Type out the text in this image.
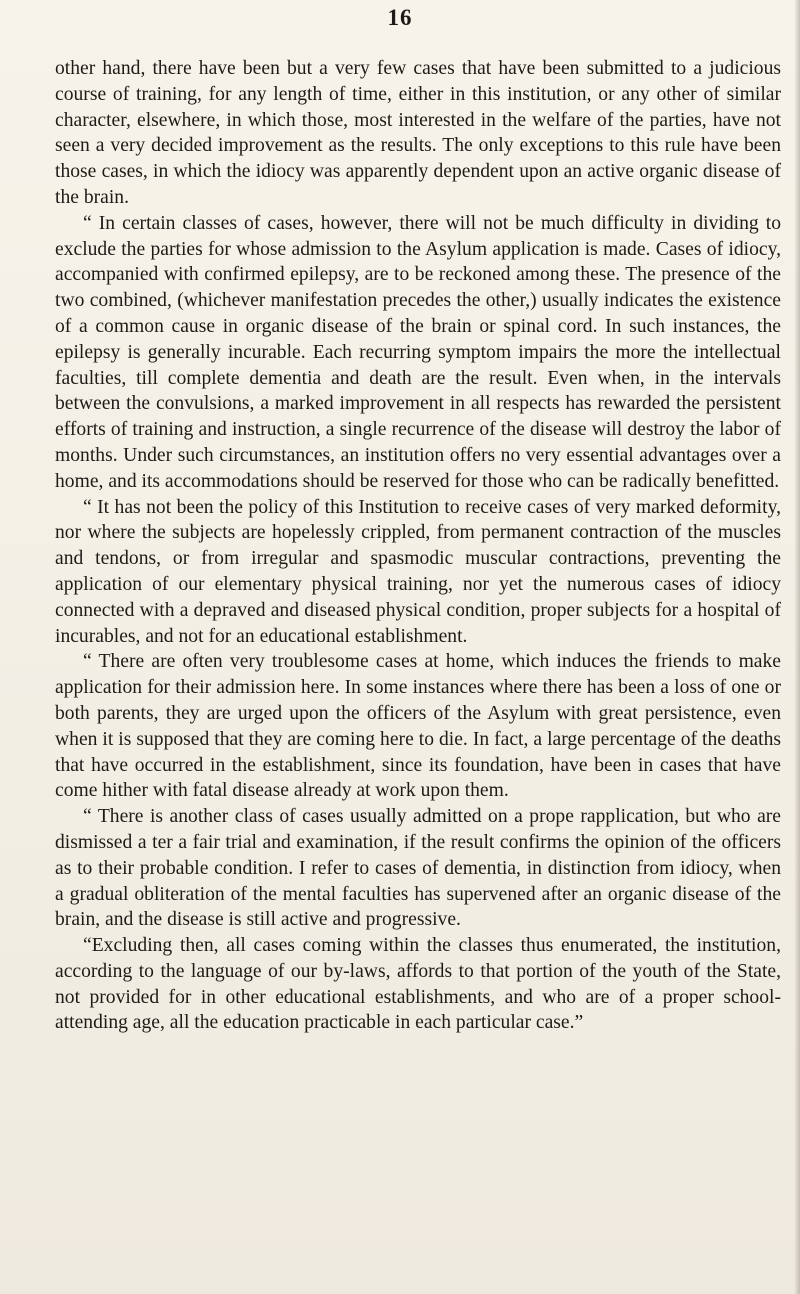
16

other hand, there have been but a very few cases that have been submitted to a judicious course of training, for any length of time, either in this institution, or any other of similar character, elsewhere, in which those, most interested in the welfare of the parties, have not seen a very decided improvement as the results. The only exceptions to this rule have been those cases, in which the idiocy was apparently dependent upon an active organic disease of the brain.

“ In certain classes of cases, however, there will not be much difficulty in dividing to exclude the parties for whose admission to the Asylum application is made. Cases of idiocy, accompanied with confirmed epilepsy, are to be reckoned among these. The presence of the two combined, (whichever manifestation precedes the other,) usually indicates the existence of a common cause in organic disease of the brain or spinal cord. In such instances, the epilepsy is generally incurable. Each recurring symptom impairs the more the intellectual faculties, till complete dementia and death are the result. Even when, in the intervals between the convulsions, a marked improvement in all respects has rewarded the persistent efforts of training and instruction, a single recurrence of the disease will destroy the labor of months. Under such circumstances, an institution offers no very essential advantages over a home, and its accommodations should be reserved for those who can be radically benefitted.

“ It has not been the policy of this Institution to receive cases of very marked deformity, nor where the subjects are hopelessly crippled, from permanent contraction of the muscles and tendons, or from irregular and spasmodic muscular contractions, preventing the application of our elementary physical training, nor yet the numerous cases of idiocy connected with a depraved and diseased physical condition, proper subjects for a hospital of incurables, and not for an educational establishment.

“ There are often very troublesome cases at home, which induces the friends to make application for their admission here. In some instances where there has been a loss of one or both parents, they are urged upon the officers of the Asylum with great persistence, even when it is supposed that they are coming here to die. In fact, a large percentage of the deaths that have occurred in the establishment, since its foundation, have been in cases that have come hither with fatal disease already at work upon them.

“ There is another class of cases usually admitted on a prope rapplication, but who are dismissed a ter a fair trial and examination, if the result confirms the opinion of the officers as to their probable condition. I refer to cases of dementia, in distinction from idiocy, when a gradual obliteration of the mental faculties has supervened after an organic disease of the brain, and the disease is still active and progressive.

“Excluding then, all cases coming within the classes thus enumerated, the institution, according to the language of our by-laws, affords to that portion of the youth of the State, not provided for in other educational establishments, and who are of a proper school-attending age, all the education practicable in each particular case.”
